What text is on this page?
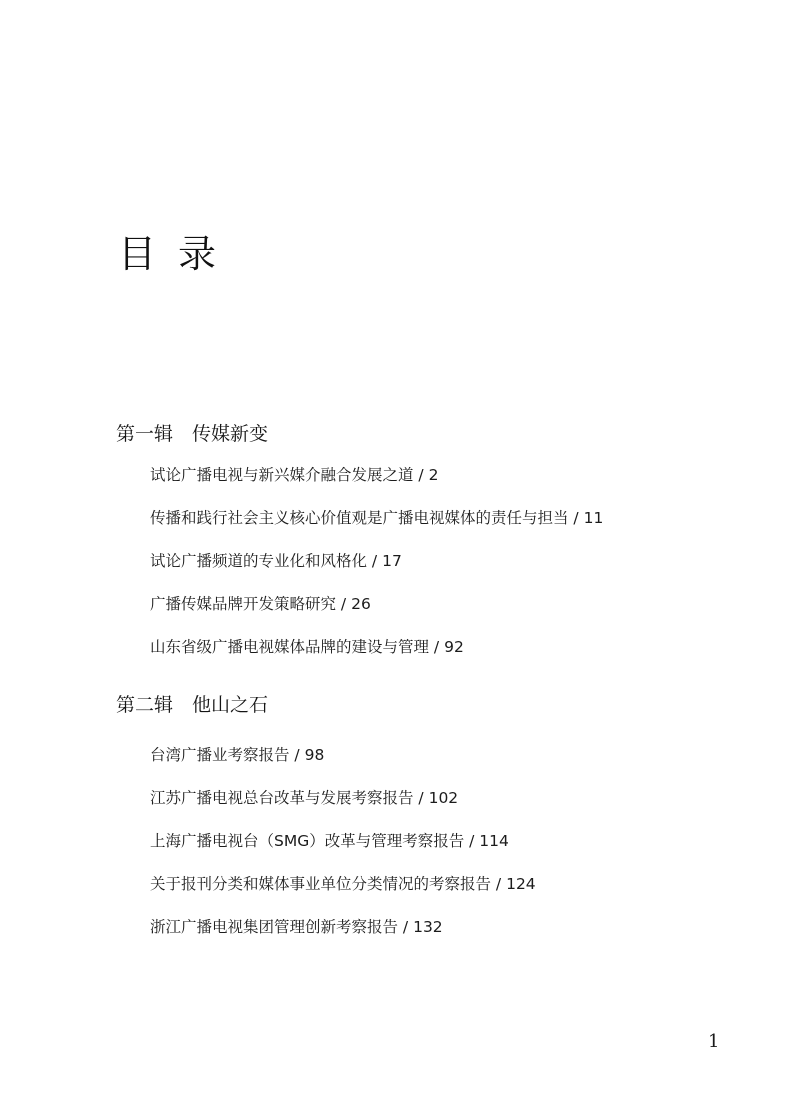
目录
第一辑　传媒新变
试论广播电视与新兴媒介融合发展之道 / 2
传播和践行社会主义核心价值观是广播电视媒体的责任与担当 / 11
试论广播频道的专业化和风格化 / 17
广播传媒品牌开发策略研究 / 26
山东省级广播电视媒体品牌的建设与管理 / 92
第二辑　他山之石
台湾广播业考察报告 / 98
江苏广播电视总台改革与发展考察报告 / 102
上海广播电视台（SMG）改革与管理考察报告 / 114
关于报刊分类和媒体事业单位分类情况的考察报告 / 124
浙江广播电视集团管理创新考察报告 / 132
1
